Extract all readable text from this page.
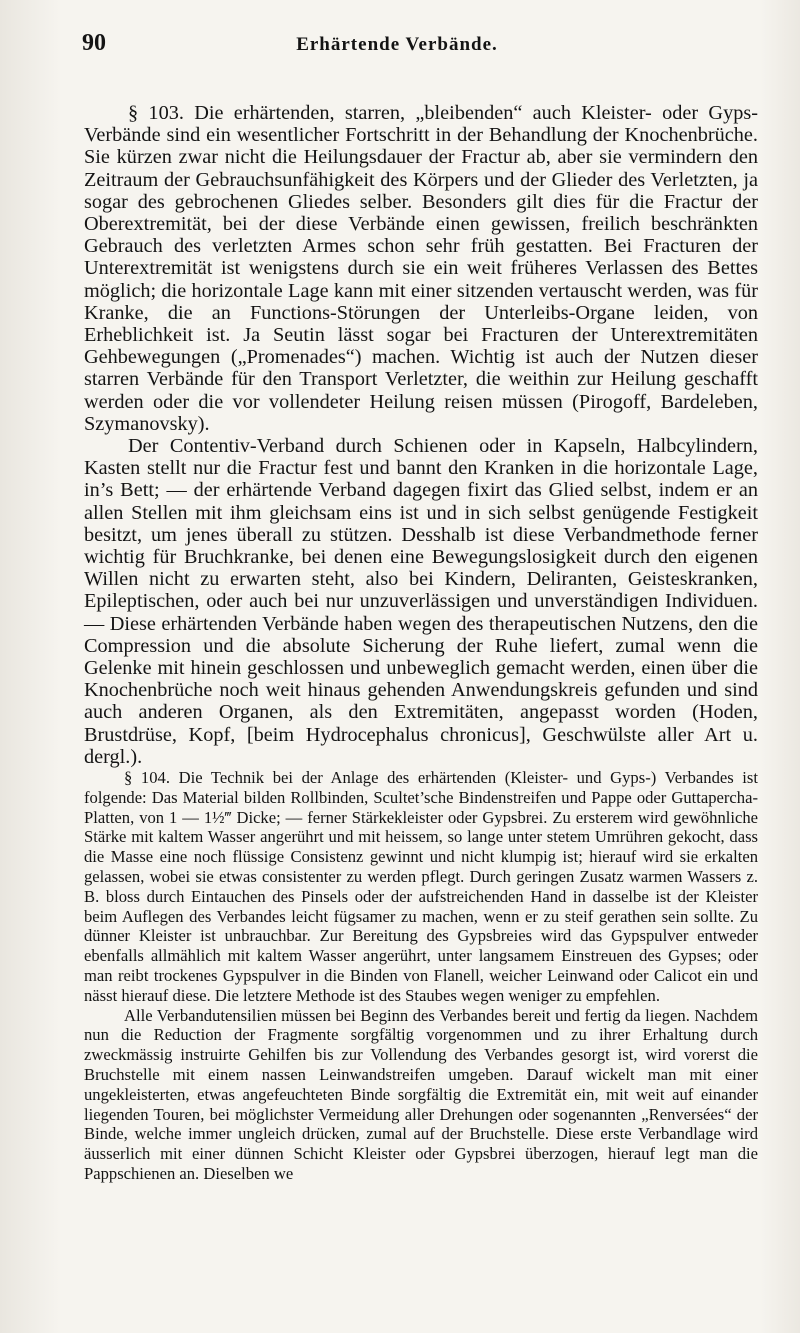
90	Erhärtende Verbände.

§ 103. Die erhärtenden, starren, „bleibenden“ auch Kleister- oder Gyps-Verbände sind ein wesentlicher Fortschritt in der Behandlung der Knochenbrüche. Sie kürzen zwar nicht die Heilungsdauer der Fractur ab, aber sie vermindern den Zeitraum der Gebrauchsunfähigkeit des Körpers und der Glieder des Verletzten, ja sogar des gebrochenen Gliedes selber. Besonders gilt dies für die Fractur der Oberextremität, bei der diese Verbände einen gewissen, freilich beschränkten Gebrauch des verletzten Armes schon sehr früh gestatten. Bei Fracturen der Unterextremität ist wenigstens durch sie ein weit früheres Verlassen des Bettes möglich; die horizontale Lage kann mit einer sitzenden vertauscht werden, was für Kranke, die an Functions-Störungen der Unterleibs-Organe leiden, von Erheblichkeit ist. Ja Seutin lässt sogar bei Fracturen der Unterextremitäten Gehbewegungen („Promenades“) machen. Wichtig ist auch der Nutzen dieser starren Verbände für den Transport Verletzter, die weithin zur Heilung geschafft werden oder die vor vollendeter Heilung reisen müssen (Pirogoff, Bardeleben, Szymanovsky).

Der Contentiv-Verband durch Schienen oder in Kapseln, Halbcylindern, Kasten stellt nur die Fractur fest und bannt den Kranken in die horizontale Lage, in’s Bett; — der erhärtende Verband dagegen fixirt das Glied selbst, indem er an allen Stellen mit ihm gleichsam eins ist und in sich selbst genügende Festigkeit besitzt, um jenes überall zu stützen. Desshalb ist diese Verbandmethode ferner wichtig für Bruchkranke, bei denen eine Bewegungslosigkeit durch den eigenen Willen nicht zu erwarten steht, also bei Kindern, Deliranten, Geisteskranken, Epileptischen, oder auch bei nur unzuverlässigen und unverständigen Individuen. — Diese erhärtenden Verbände haben wegen des therapeutischen Nutzens, den die Compression und die absolute Sicherung der Ruhe liefert, zumal wenn die Gelenke mit hinein geschlossen und unbeweglich gemacht werden, einen über die Knochenbrüche noch weit hinaus gehenden Anwendungskreis gefunden und sind auch anderen Organen, als den Extremitäten, angepasst worden (Hoden, Brustdrüse, Kopf, [beim Hydrocephalus chronicus], Geschwülste aller Art u. dergl.).

§ 104. Die Technik bei der Anlage des erhärtenden (Kleister- und Gyps-) Verbandes ist folgende: Das Material bilden Rollbinden, Scultet’sche Bindenstreifen und Pappe oder Guttapercha-Platten, von 1 — 1½‴ Dicke; — ferner Stärkekleister oder Gypsbrei. Zu ersterem wird gewöhnliche Stärke mit kaltem Wasser angerührt und mit heissem, so lange unter stetem Umrühren gekocht, dass die Masse eine noch flüssige Consistenz gewinnt und nicht klumpig ist; hierauf wird sie erkalten gelassen, wobei sie etwas consistenter zu werden pflegt. Durch geringen Zusatz warmen Wassers z. B. bloss durch Eintauchen des Pinsels oder der aufstreichenden Hand in dasselbe ist der Kleister beim Auflegen des Verbandes leicht fügsamer zu machen, wenn er zu steif gerathen sein sollte. Zu dünner Kleister ist unbrauchbar. Zur Bereitung des Gypsbreies wird das Gypspulver entweder ebenfalls allmählich mit kaltem Wasser angerührt, unter langsamem Einstreuen des Gypses; oder man reibt trockenes Gypspulver in die Binden von Flanell, weicher Leinwand oder Calicot ein und nässt hierauf diese. Die letztere Methode ist des Staubes wegen weniger zu empfehlen.

Alle Verbandutensilien müssen bei Beginn des Verbandes bereit und fertig da liegen. Nachdem nun die Reduction der Fragmente sorgfältig vorgenommen und zu ihrer Erhaltung durch zweckmässig instruirte Gehilfen bis zur Vollendung des Verbandes gesorgt ist, wird vorerst die Bruchstelle mit einem nassen Leinwandstreifen umgeben. Darauf wickelt man mit einer ungekleisterten, etwas angefeuchteten Binde sorgfältig die Extremität ein, mit weit auf einander liegenden Touren, bei möglichster Vermeidung aller Drehungen oder sogenannten „Renversées“ der Binde, welche immer ungleich drücken, zumal auf der Bruchstelle. Diese erste Verbandlage wird äusserlich mit einer dünnen Schicht Kleister oder Gypsbrei überzogen, hierauf legt man die Pappschienen an. Dieselben we
